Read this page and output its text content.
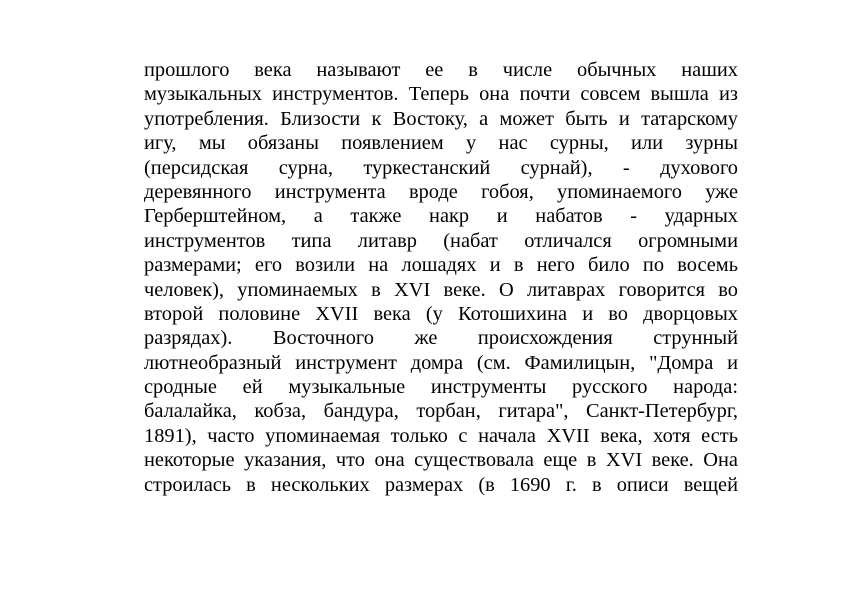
прошлого века называют ее в числе обычных наших
музыкальных инструментов. Теперь она почти совсем вышла из
употребления. Близости к Востоку, а может быть и татарскому
игу, мы обязаны появлением у нас сурны, или зурны
(персидская сурна, туркестанский сурнай), - духового
деревянного инструмента вроде гобоя, упоминаемого уже
Герберштейном, а также накр и набатов - ударных
инструментов типа литавр (набат отличался огромными
размерами; его возили на лошадях и в него било по восемь
человек), упоминаемых в XVI веке. О литаврах говорится во
второй половине XVII века (у Котошихина и во дворцовых
разрядах). Восточного же происхождения струнный
лютнеобразный инструмент домра (см. Фамилицын, "Домра и
сродные ей музыкальные инструменты русского народа:
балалайка, кобза, бандура, торбан, гитара", Санкт-Петербург,
1891), часто упоминаемая только с начала XVII века, хотя есть
некоторые указания, что она существовала еще в XVI веке. Она
строилась в нескольких размерах (в 1690 г. в описи вещей
